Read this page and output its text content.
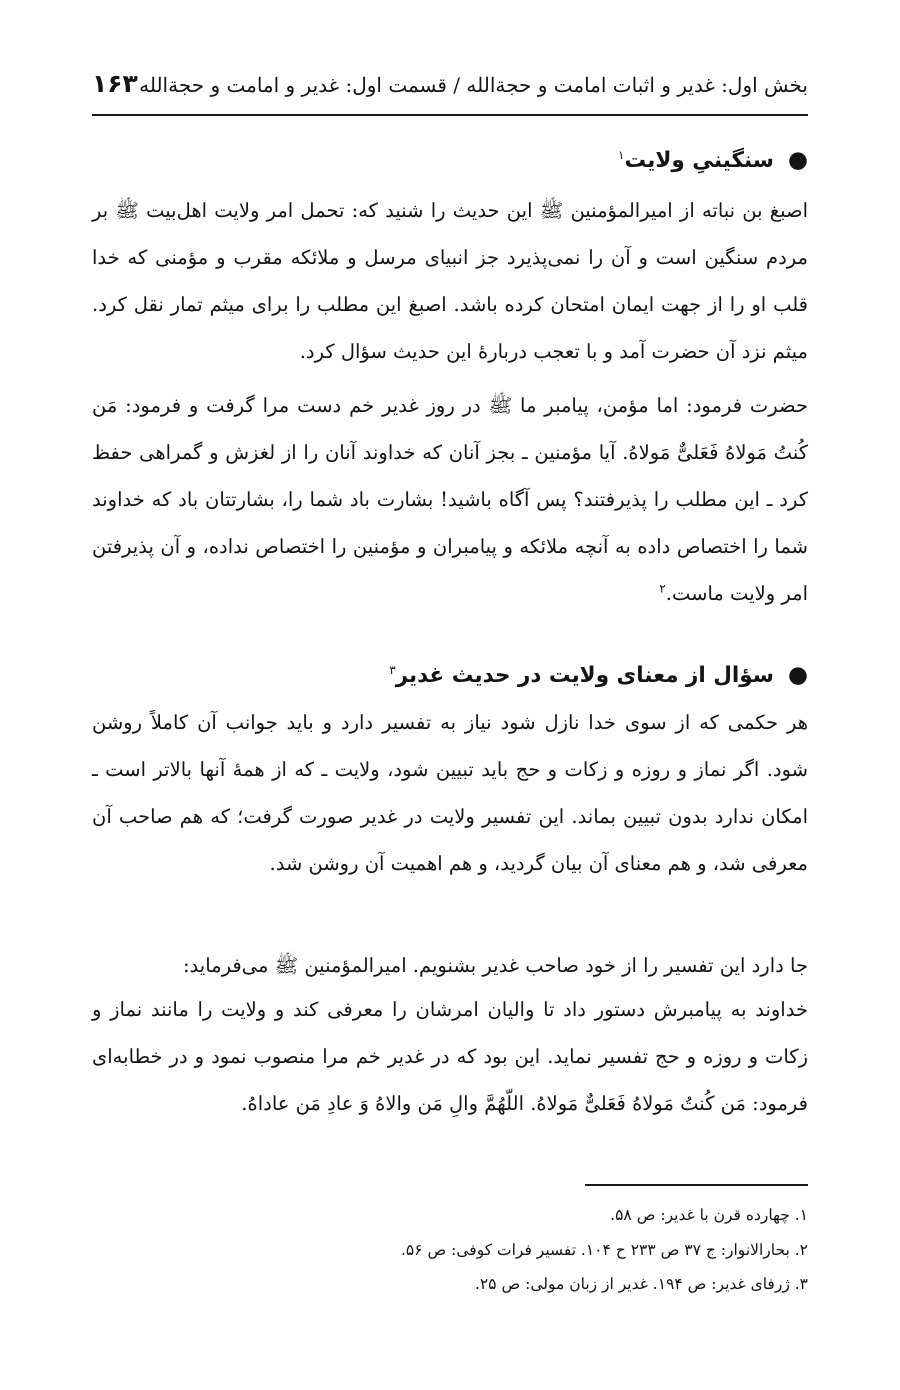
بخش اول: غدیر و اثبات امامت و حجةالله / قسمت اول: غدیر و امامت و حجةالله
۱۶۳
●سنگینیِ ولایت$^۱$

اصبغ بن نباته از امیرالمؤمنین ﷺ این حدیث را شنید که: تحمل امر ولایت اهل‌بیت ﷺ بر مردم سنگین است و آن را نمی‌پذیرد جز انبیای مرسل و ملائکه مقرب و مؤمنی که خدا قلب او را از جهت ایمان امتحان کرده باشد. اصبغ این مطلب را برای میثم تمار نقل کرد. میثم نزد آن حضرت آمد و با تعجب دربارهٔ این حدیث سؤال کرد.

حضرت فرمود: اما مؤمن، پیامبر ما ﷺ در روز غدیر خم دست مرا گرفت و فرمود: مَن کُنتُ مَولاهُ فَعَلیٌّ مَولاهُ. آیا مؤمنین ـ بجز آنان که خداوند آنان را از لغزش و گمراهی حفظ کرد ـ این مطلب را پذیرفتند؟ پس آگاه باشید! بشارت باد شما را، بشارتتان باد که خداوند شما را اختصاص داده به آنچه ملائکه و پیامبران و مؤمنین را اختصاص نداده، و آن پذیرفتن امر ولایت ماست.$^۲$

●سؤال از معنای ولایت در حدیث غدیر$^۳$

هر حکمی که از سوی خدا نازل شود نیاز به تفسیر دارد و باید جوانب آن کاملاً روشن شود. اگر نماز و روزه و زکات و حج باید تبیین شود، ولایت ـ که از همهٔ آنها بالاتر است ـ امکان ندارد بدون تبیین بماند. این تفسیر ولایت در غدیر صورت گرفت؛ که هم صاحب آن معرفی شد، و هم معنای آن بیان گردید، و هم اهمیت آن روشن شد.

جا دارد این تفسیر را از خود صاحب غدیر بشنویم. امیرالمؤمنین ﷺ می‌فرماید:

خداوند به پیامبرش دستور داد تا والیان امرشان را معرفی کند و ولایت را مانند نماز و زکات و روزه و حج تفسیر نماید. این بود که در غدیر خم مرا منصوب نمود و در خطابه‌ای فرمود: مَن کُنتُ مَولاهُ فَعَلیٌّ مَولاهُ. اللّهُمَّ والِ مَن والاهُ وَ عادِ مَن عاداهُ.

۱. چهارده قرن با غدیر: ص ۵۸.
۲. بحارالانوار: ج ۳۷ ص ۲۳۳ ح ۱۰۴. تفسیر فرات کوفی: ص ۵۶.
۳. ژرفای غدیر: ص ۱۹۴. غدیر از زبان مولی: ص ۲۵.
